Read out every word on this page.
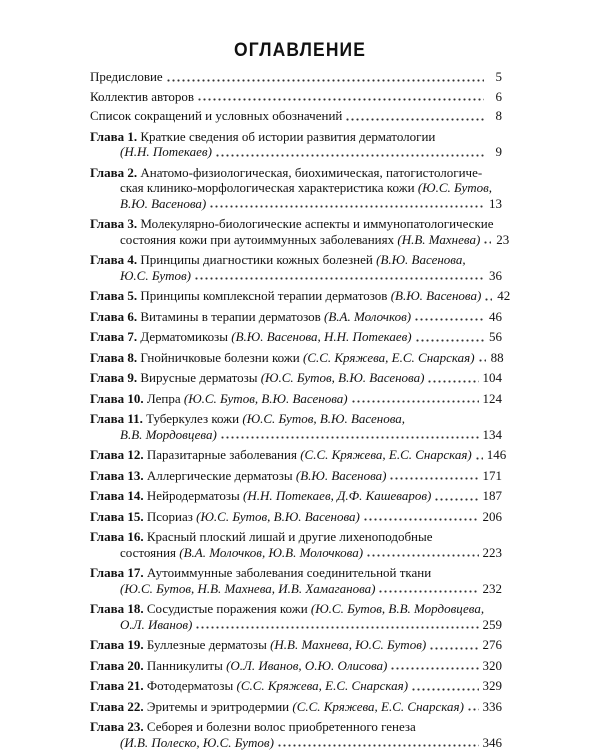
ОГЛАВЛЕНИЕ
Предисловие	5
Коллектив авторов	6
Список сокращений и условных обозначений	8
Глава 1.
Краткие сведения об истории развития дерматологии
(Н.Н. Потекаев)	9
Глава 2.
Анатомо-физиологическая, биохимическая, патогистологиче-
ская клинико-морфологическая характеристика кожи
(Ю.С. Бутов,
В.Ю. Васенова)	13
Глава 3.
Молекулярно-биологические аспекты и иммунопатологические
состояния кожи при аутоиммунных заболеваниях
(Н.В. Махнева) 23
Глава 4.
Принципы диагностики кожных болезней
(В.Ю. Васенова,
Ю.С. Бутов)	36
Глава 5.
Принципы комплексной терапии дерматозов
(В.Ю. Васенова) 42
Глава 6.
Витамины в терапии дерматозов
(В.А. Молочков)	46
Глава 7.
Дерматомикозы
(В.Ю. Васенова, Н.Н. Потекаев)	56
Глава 8.
Гнойничковые болезни кожи
(С.С. Кряжева, Е.С. Снарская) 88
Глава 9.
Вирусные дерматозы
(Ю.С. Бутов, В.Ю. Васенова)	104
Глава 10.
Лепра
(Ю.С. Бутов, В.Ю. Васенова)	124
Глава 11.
Туберкулез кожи
(Ю.С. Бутов, В.Ю. Васенова,
В.В. Мордовцева)	134
Глава 12.
Паразитарные заболевания
(С.С. Кряжева, Е.С. Снарская) 146
Глава 13.
Аллергические дерматозы
(В.Ю. Васенова)	171
Глава 14.
Нейродерматозы
(Н.Н. Потекаев, Д.Ф. Кашеваров)	187
Глава 15.
Псориаз
(Ю.С. Бутов, В.Ю. Васенова)	206
Глава 16.
Красный плоский лишай и другие лихеноподобные
состояния
(В.А. Молочков, Ю.В. Молочкова)	223
Глава 17.
Аутоиммунные заболевания соединительной ткани
(Ю.С. Бутов, Н.В. Махнева, И.В. Хамаганова)	232
Глава 18.
Сосудистые поражения кожи
(Ю.С. Бутов, В.В. Мордовцева,
О.Л. Иванов)	259
Глава 19.
Буллезные дерматозы
(Н.В. Махнева, Ю.С. Бутов)	276
Глава 20.
Панникулиты
(О.Л. Иванов, О.Ю. Олисова)	320
Глава 21.
Фотодерматозы
(С.С. Кряжева, Е.С. Снарская)	329
Глава 22.
Эритемы и эритродермии
(С.С. Кряжева, Е.С. Снарская) 336
Глава 23.
Себорея и болезни волос приобретенного генеза
(И.В. Полеско, Ю.С. Бутов)	346
